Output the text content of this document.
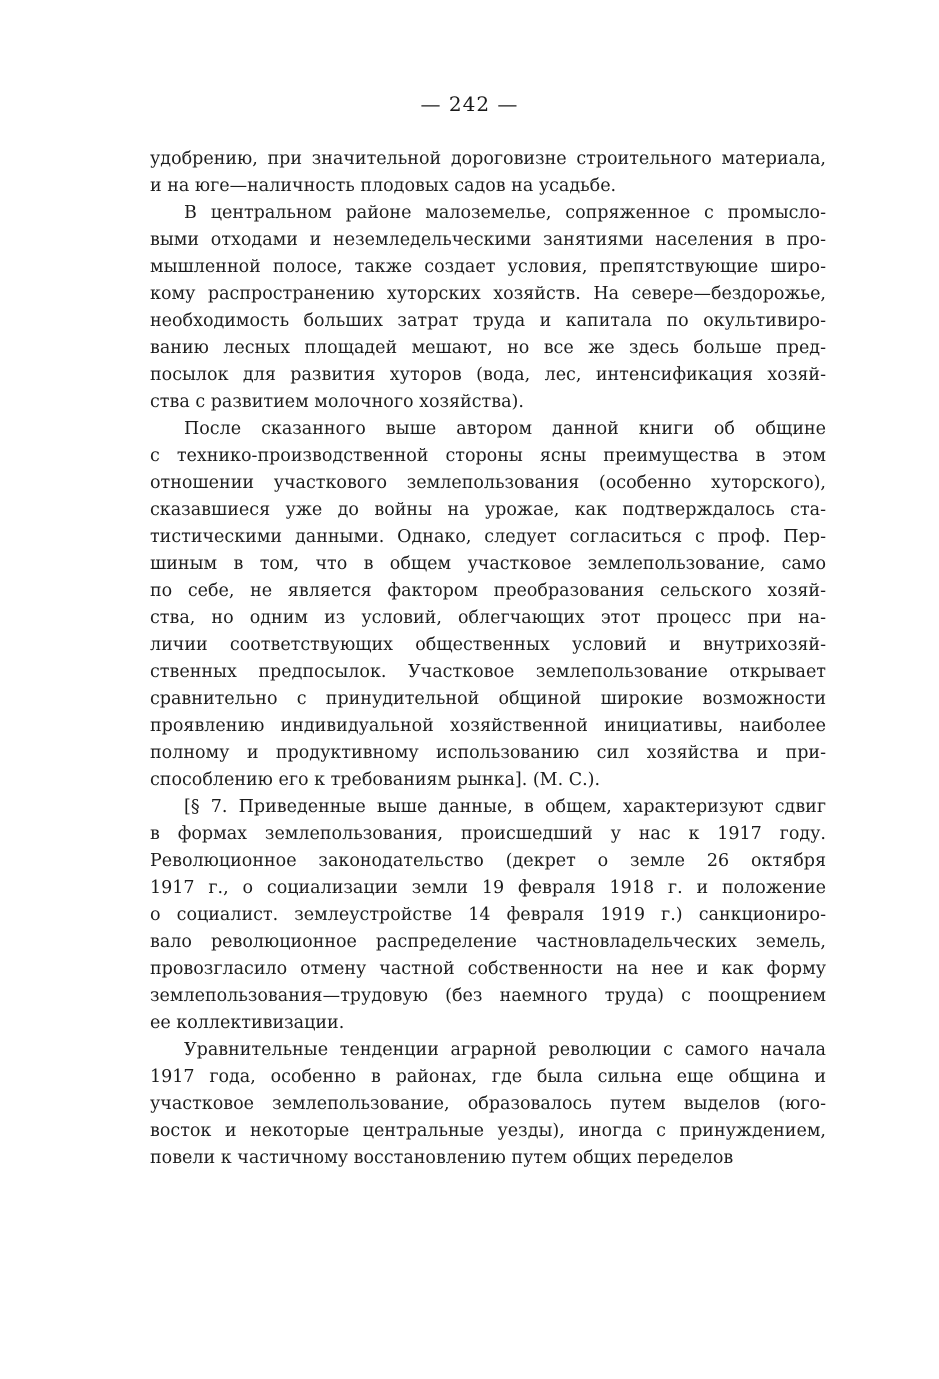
— 242 —

удобрению, при значительной дороговизне строительного материала,
и на юге—наличность плодовых садов на усадьбе.

В центральном районе малоземелье, сопряженное с промысло-
выми отходами и неземледельческими занятиями населения в про-
мышленной полосе, также создает условия, препятствующие широ-
кому распространению хуторских хозяйств. На севере—бездорожье,
необходимость больших затрат труда и капитала по окультивиро-
ванию лесных площадей мешают, но все же здесь больше пред-
посылок для развития хуторов (вода, лес, интенсификация хозяй-
ства с развитием молочного хозяйства).

После сказанного выше автором данной книги об общине
с технико-производственной стороны ясны преимущества в этом
отношении участкового землепользования (особенно хуторского),
сказавшиеся уже до войны на урожае, как подтверждалось ста-
тистическими данными. Однако, следует согласиться с проф. Пер-
шиным в том, что в общем участковое землепользование, само
по себе, не является фактором преобразования сельского хозяй-
ства, но одним из условий, облегчающих этот процесс при на-
личии соответствующих общественных условий и внутрихозяй-
ственных предпосылок. Участковое землепользование открывает
сравнительно с принудительной общиной широкие возможности
проявлению индивидуальной хозяйственной инициативы, наиболее
полному и продуктивному использованию сил хозяйства и при-
способлению его к требованиям рынка]. (М. С.).

[§ 7. Приведенные выше данные, в общем, характеризуют сдвиг
в формах землепользования, происшедший у нас к 1917 году.
Революционное законодательство (декрет о земле 26 октября
1917 г., о социализации земли 19 февраля 1918 г. и положение
о социалист. землеустройстве 14 февраля 1919 г.) санкциониро-
вало революционное распределение частновладельческих земель,
провозгласило отмену частной собственности на нее и как форму
землепользования—трудовую (без наемного труда) с поощрением
ее коллективизации.

Уравнительные тенденции аграрной революции с самого начала
1917 года, особенно в районах, где была сильна еще община и
участковое землепользование, образовалось путем выделов (юго-
восток и некоторые центральные уезды), иногда с принуждением,
повели к частичному восстановлению путем общих переделов
